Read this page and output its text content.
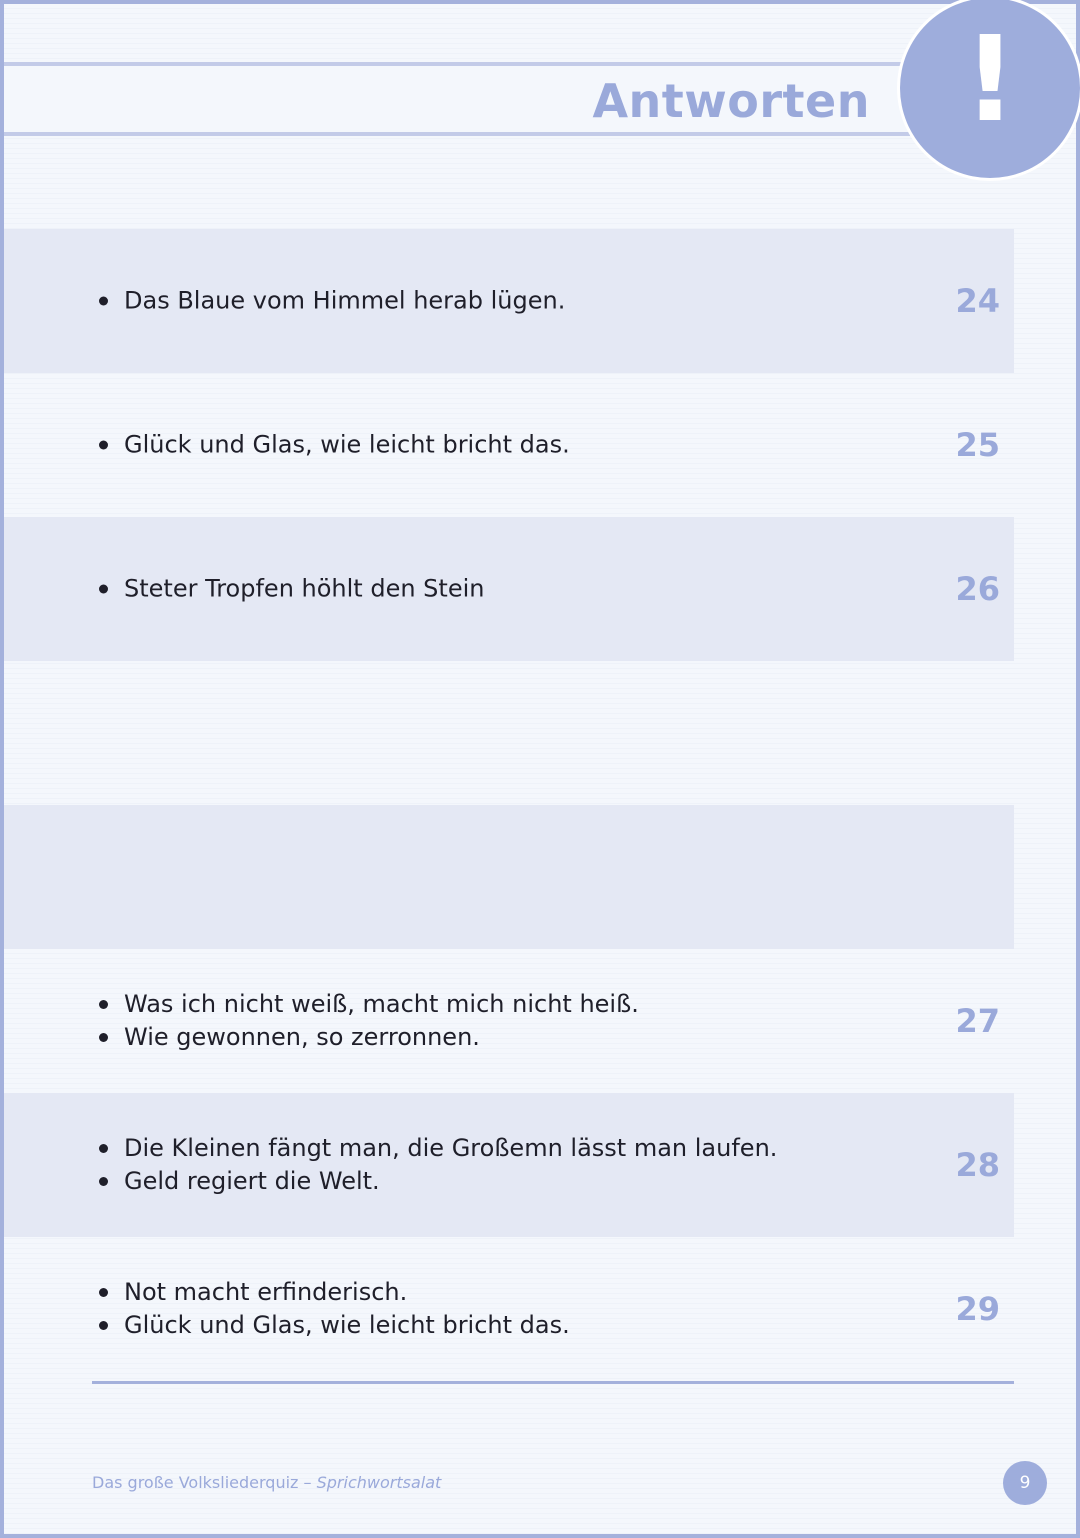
Antworten !
Das Blaue vom Himmel herab lügen.	24
Glück und Glas, wie leicht bricht das.	25
Steter Tropfen höhlt den Stein	26
Was ich nicht weiß, macht mich nicht heiß.
Wie gewonnen, so zerronnen.	27
Die Kleinen fängt man, die Großemn lässt man laufen.
Geld regiert die Welt.	28
Not macht erfinderisch.
Glück und Glas, wie leicht bricht das.	29
Das große Volksliederquiz – Sprichwortsalat	9
